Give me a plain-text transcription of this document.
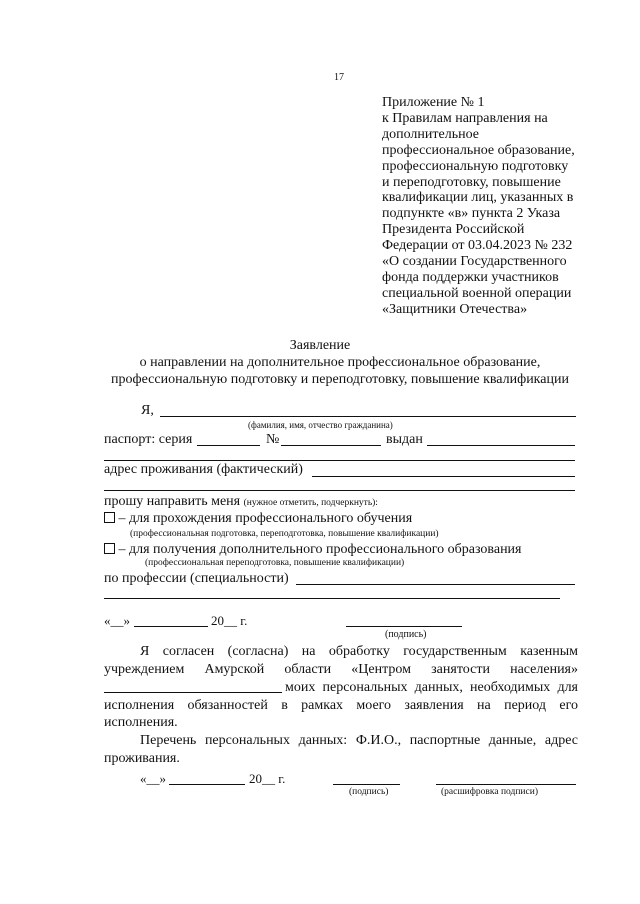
17
Приложение № 1
к Правилам направления на
дополнительное
профессиональное образование,
профессиональную подготовку
и переподготовку, повышение
квалификации лиц, указанных в
подпункте «в» пункта 2 Указа
Президента Российской
Федерации от 03.04.2023 № 232
«О создании Государственного
фонда поддержки участников
специальной военной операции
«Защитники Отечества»
Заявление
о направлении на дополнительное профессиональное образование,
профессиональную подготовку и переподготовку, повышение квалификации
Я,
(фамилия, имя, отчество гражданина)
паспорт: серия	№	выдан
адрес проживания (фактический)
прошу направить меня (нужное отметить, подчеркнуть):
– для прохождения профессионального обучения
(профессиональная подготовка, переподготовка, повышение квалификации)
– для получения дополнительного профессионального образования
(профессиональная переподготовка, повышение квалификации)
по профессии (специальности)
«__»	20__ г.
(подпись)
Я согласен (согласна) на обработку государственным казенным
учреждением Амурской области «Центром занятости населения»
моих персональных данных, необходимых для
исполнения обязанностей в рамках моего заявления на период его
исполнения.
Перечень персональных данных: Ф.И.О., паспортные данные, адрес
проживания.
«__»	20__ г.
(подпись)	(расшифровка подписи)
